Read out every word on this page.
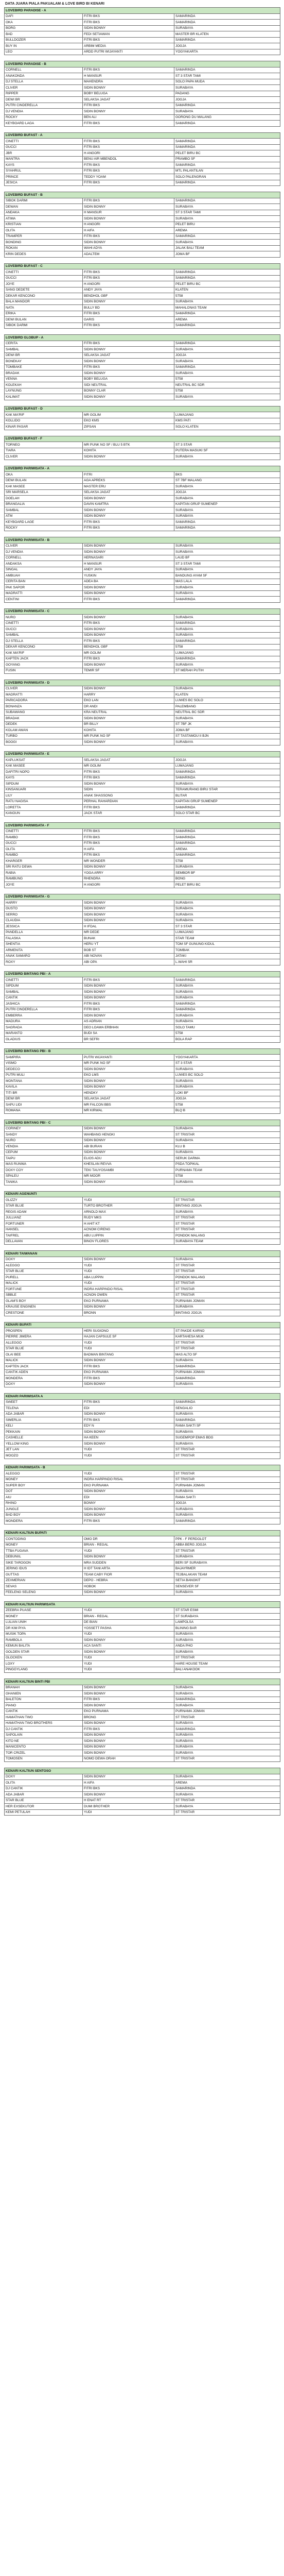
DATA JUARA PIALA PAKUALAM & LOVE BIRD BI KENARI
LOVEBIRD PARADISE - A		
DAFI	FITRI BKS	SAMARINDA
OKA	FITRI BKS	SAMARINDA
BORG	SIDIN BONNY	SURABAYA
BAD	FEDI SETIAWAN	MASTER BR KLATEN
BULLDOZER	FITRI BKS	SAMARINDA
BUY IN	ARBIM MEDIA	JOGJA
LEO	ARDD PUTRI WIJAYANTI	YOGYAKARTA
LOVEBIRD PARADISE - B		
CORNELL	FITRI BKS	SAMARINDA
ANAKONDA	H MANSUR	ST 3 STAR TAMI
DJ STELLA	MAHENDRA	SOLO PAPA MUDA
CLIVER	SIDIN BONNY	SURABAYA
RIPPER	BOBY BELUGA	PADANG
DEWI BR	SELAKSA JAGAT	JOGJA
PUTRI CINDERELLA	FITRI BKS	SAMARINDA
DJ VENDIA	SIDIN BONNY	SURABAYA
ROCKY	BEN ALI	GORONG DU MALANG
KEYBOARD LAGA	FITRI BKS	SAMARINDA
LOVEBIRD BUFAST - A		
CINETTI	FITRI BKS	SAMARINDA
GUCCI	FITRI BKS	SAMARINDA
JBR	H ANGORI	PELET BIRU BC
MANTRA	BENU AIR MBENDOL	PRAMBO SF
KAYS	FITRI BKS	SAMARINDA
SYAHRUL	FITRI BKS	MTL PALANTILAN
PRINCE	TEDDY YOAM	SOLO PALENGRAN
JESICA	FITRI BKS	SAMARINDA
LOVEBIRD BUFAST - B		
SIBOK DARMI	FITRI BKS	SAMARINDA
DEWAN	SIDIN BONNY	SURABAYA
ANDAKA	H MANSUR	ST 3 STAR TAMI
ATIMA	SIDIN BONNY	SURABAYA
KRISTIAN	H ANGORI	PELET BIRU
OLITA	H AIFA	AREMA
TRAMPER	FITRI BKS	SAMARINDA
BONDING	SIDIN BONNY	SURABAYA
ROKAN	WAHI ADYA	JALAK BALI TEAM
KRIN DEDES	ADALTEM	JOMA BF
LOVEBIRD BUFAST - C		
CINETTI	FITRI BKS	SAMARINDA
GUCCI	FITRI BKS	SAMARINDA
JOYE	H ANGORI	PELET BIRU BC
SANG DEDETE	ANDY JAYA	KLATEN
DEKAR KENCONO	BENDHOL GBF	5758
BALA MANDOR	SIDIN BONNY	SURABAYA
NATA	BULLY BD	MAHALONAS TEAM
ERIKA	FITRI BKS	SAMARINDA
DEWI BULAN	GARIS	AREMA
SIBOK DARMI	FITRI BKS	SAMARINDA
LOVEBIRD GLOBUP - A		
CERITA	FITRI BKS	SAMARINDA
SAMBAL	SIDIN BONNY	SURABAYA
DEWI BR	SELAKSA JAGAT	JOGJA
BONEKAY	SIDIN BONNY	SURABAYA
TOMBAKE	FITRI BKS	SAMARINDA
BRADAK	SIDIN BONNY	SURABAYA
VENNA	BOBY BELUGA	5758
KOLEKAH	SIDI NEUTRAL	NEUTRAL BC SDR
LAYNUNG	BONNY CLAR	5758
KALIMAT	SIDIN BONNY	SURABAYA
LOVEBIRD BUFAST - D		
KAK MA'RIF	MR GOLIM	LUMAJANG
KOLLIDO	EKO KMS	KMS PATI
KINAR PASAR	ZIPSAN	SOLO KLATEN
LOVEBIRD BUFAST - F		
TORNEO	MR PUNK NO SF / BLU 5 BTK	ST 3 STAR
TIARA	KOHITA	PUTERA MASUKI SF
CLIVER	SIDIN BONNY	SURABAYA
LOVEBIRD PARIWISATA - A		
OKA	FITRI	BKS
DEWI BULAN	AGA APREKS	ST 7BF MALANG
KAK MASEE	MASTER ERU	SURABAYA
SRI MARSELA	SELAKSA JAGAT	JOGJA
DOELAH	SIDIN BONNY	SURABAYA
BRANGALIA	DAVIN KAMTRA	KAPITAN GRUP SUMENEP
SAMBAL	SIDIN BONNY	SURABAYA
ATM	SIDIN BONNY	SURABAYA
KEYBOARD LAGE	FITRI BKS	SAMARINDA
ROCKY	FITRI BKS	SAMARINDA
LOVEBIRD PARIWISATA - B		
CLIVER	SIDIN BONNY	SURABAYA
DJ VENDIA	SIDIN BONNY	SURABAYA
CORNELL	HERNASARI	LAUD BF
ANDAKSA	H MANSUR	ST 3 STAR TAMI
SINGAL	ANDY JAYA	SURABAYA
AMBUAH	YUSKIN	BANDUNG AYAM SF
CERITA BAN	ADEA BA	MAS LALA
PAK SAPOR	SIDIN BONNY	SURABAYA
MADRATTI	SIDIN BONNY	SURABAYA
CENTINI	FITRI BKS	SAMARINDA
LOVEBIRD PARIWISATA - C		
NURO	SIDIN BONNY	SURABAYA
CINETTI	FITRI BKS	SAMARINDA
GUCCI	SIDIN BONNY	SURABAYA
SAMBAL	SIDIN BONNY	SURABAYA
DJ STELLA	FITRI BKS	SAMARINDA
DEKAR KENCONO	BENDHOL GBF	5758
KAK MA'RIF	MR GOLIM	LUMAJANG
KAPTEN JACK	FITRI BKS	SAMARINDA
GOYANG	SIDIN BONNY	SURABAYA
FUSIN	TEMIR SF	ST MERAH PUTIH
LOVEBIRD PARIWISATA - D		
CLIVER	SIDIN BONNY	SURABAYA
MADRATTI	HARRY	KLATEN
PARICADORA	EKO LAN	LUWES BC SOLO
BONANZA	DR ANDI	PALEMBANG
SUBAWANG	KRA NEUTRAL	NEUTRAL BC SDR
BRADAK	SIDIN BONNY	SURABAYA
DEDEK	BR BILLY	ST 7BF JK
KOLAM AWAN	KOHITA	JOMA BF
TURBO	MR PUNK NO SF	ST TASTAMOU II BJN
BOOGI	SIDIN BONNY	SURABAYA
LOVEBIRD PARIWISATA - E		
KAPLUKSAT	SELAKSA JAGAT	JOGJA
KAK MASEE	MR GOLIM	LUMAJANG
DAFITRI NOPO	FITRI BKS	SAMARINDA
KAYS	FITRI BKS	SAMARINDA
SIPDUM	SIDIN BONNY	SURABAYA
KINSANUARI	SIDIN	TERAMURANG BIRU STAR
LILY	ANAK SHASSONG	BLITAR
RATU NAGISA	PERHAL RAHARDIAN	KAPITAN GRUP SUMENEP
LORETTA	FITRI BKS	SAMARINDA
KANOUN	JACK STAR	SOLO STAR BC
LOVEBIRD PARIWISATA - F		
CINETTI	FITRI BKS	SAMARINDA
RAMBO	FITRI BKS	SAMARINDA
GUCCI	FITRI BKS	SAMARINDA
OLITA	H AIFA	AREMA
RAMBO	FITRI BKS	SAMARINDA
KHARGER	MR WONDER	5758
SRI RATU DEWA	SIDIN BONNY	SURABAYA
RABIA	YOGA ARRY	SEMBOR BF
RAMBUNG	RHENDRA	BONG
JOYE	H ANGORI	PELET BIRU BC
LOVEBIRD PARIWISATA - G		
HARRY	SIDIN BONNY	SURABAYA
GUSTO	SIDIN BONNY	SURABAYA
SERRO	SIDIN BONNY	SURABAYA
CLAUDIA	SIDIN BONNY	SURABAYA
JESSICA	H IFDAL	ST 3 STAR
PANDELLA	MR DEDE	LUMAJANG
FALASKA	BUNAK	STAR TEAM
SHENTIA	HERU YT	TOM SF GUNUNG KIDUL
ARMENITA	BOB ST	TOMBAK
ANAK SAMARO	ABI NOVAN	JATAKI
ROXY	ABI OPA	L.WAHI SR
LOVEBIRD BINTANG PBI - A		
CINETTI	FITRI BKS	SAMARINDA
SIPDUM	SIDIN BONNY	SURABAYA
SAMBAL	SIDIN BONNY	SURABAYA
CANTIK	SIDIN BONNY	SURABAYA
JASHICA	FITRI BKS	SAMARINDA
PUTRI CINDERELLA	FITRI BKS	SAMARINDA
EMBERRA	SIDIN BONNY	SURABAYA
MADURA	AS ADRIAN	SURABAYA
SAGRADA	DEO LOAWA ERBHAN	SOLO TAMU
MARANTO	BUDI SA	5758
GLADIUS	BR SEFRI	BOLA RAP
LOVEBIRD BINTANG PBI - B		
SAMPIRA	PUTRI WIJAYANTI	YOGYAKARTA
VISMO	MR PUNK NO SF	ST 3 STAR
DEDECO	SIDIN BONNY	SURABAYA
PUTRI MULI	EKO LMS	LUWES BC SOLO
MONTANA	SIDIN BONNY	SURABAYA
KAVILA	SIDIN BONNY	SURABAYA
TITI BR	HENDKY	LOKI BF
DEWI BR	SELAKSA JAGAT	JOGJA
SAPU LIDI	MR FALCON BBS	5758
ROMANA	MR KIRWAL	BLQ B
LOVEBIRD BINTANG PBI - C		
CORINEY	SIDIN BONNY	SURABAYA
SANDY	WAHBANG HENGKI	ST TRISTAR
NURO	SIDIN BONNY	SURABAYA
VENDIA	ABI BURAN	KLU B
CEPUM	SIDIN BONNY	SURABAYA
TAIPU	ELIOS ADU	SERUK DARMA
MAS RUNWA	KHESLAN REVVA	PSDA TOPIKAL
DOXY COY	TEKI TAUYOSAMBI	PURNAMA TEAM
SPALEU	MR MOOR	5758
TANIKA	SIDIN BONNY	SURABAYA
KENARI AGENUNTI		
GLIZZY	YUDI	ST TRISTAR
STAR BLUE	TURTO BROTHER	BINTANG JOGJA
REGIS ADAM	ARNOLD MAX	SURABAYA
JULLIANZ	RUDY MKS	ST TRISTAR
FORTUNER	H AHIT KT	ST TRISTAR
HANSEL	ACNOM CIRENG	ST TRISTAR
TAIFREL	ABU LUPPIN	PONDOK MALANG
DELLAVAN	BINOV FLORES	SURABAYA TEAM
KENARI TAIWANAN		
DOXY	SIDIN BONNY	SURABAYA
ALEGGO	YUDI	ST TRISTAR
STAR BLUE	YUDI	ST TRISTAR
PURELL	ABA LUPPIN	PONDOK MALANG
MALICK	YUDI	ST TRISTAR
FORTUNE	INDRA HARPINDO RISAL	ST TRISTAR
SBBLE	ACNON OWEN	ST TRISTAR
GLAM'S BOY	EKO PURNAMA	PURNAMA JOMAN
KRAUSE ENGINEN	SIDIN BONNY	SURABAYA
CRESTONE	BRONN	BINTANG JOGJA
KENARI BUPATI		
PROSPEN	HERI SUGIONO	ST PAKDE KARNO
PIERRE JIMERA	HAJAN CAPSULE SF	KARTAHESA MUK
ALLEGGO	YUDI	ST TRISTAR
STAR BLUE	YUDI	ST TRISTAR
OLAI BEE	BADMAN BINTANG	MAS ALTO SF
MALICK	SIDIN BONNY	SURABAYA
KAPTEN JACK	FITRI BKS	SAMARINDA
CANTIK ADEN	EKO PURNAMA	PURNAMA JOMAN
MONDERA	FITRI BKS	SAMARINDA
DOXY	SIDIN BONNY	SURABAYA
KENARI PARIWISATA A		
SWEET	FITRI BKS	SAMARINDA
TELENA	EDI	SENGALIO
ADA JABAR	SIDIN BONNY	SURABAYA
SIMERLIA	FITRI BKS	SAMARINDA
KELI	EDY N	RAMA SAKTI SF
PEKKAIN	SIDIN BONNY	SURABAYA
CASHELLE	HA KEEN	SUGEMPOP EMAS BDG
YELLOW KING	SIDIN BONNY	SURABAYA
JET LAN	YUDI	ST TRISTAR
MOOZO	YUDI	ST TRISTAR
KENARI PARIWISATA - B		
ALEGGO	YUDI	ST TRISTAR
MONEY	INDRA HARPINDO RISAL	ST TRISTAR
SUPER BOY	EKO PURNAMA	PURNAMA JOMAN
DOT	SIDIN BONNY	SURABAYA
AIU	EDI	RAMA SAKTI
RHINO	BONNY	JOGJA
JUNGLE	SIDIN BONNY	SURABAYA
BAD BOY	SIDIN BONNY	SURABAYA
MONDERA	FITRI BKS	SAMARINDA
KENARI KALTIUN BUPATI		
CONTODING	OMO DR	PPK - F PERDOLOT
MONEY	BRIAN - REGAL	ABBA BERG JOGJA
TTBA FUGAVA	YUDI	ST TRISTAR
DEBUNIIL	SIDIN BONNY	SURABAYA
SIKE TAROGON	MRA SUDDEN	BERI SF SURABAYA
JERING IDUS	H IDT TANI ARTA	BAJAYRMER
GUTTAS	TEAM CABY FIOR	TEJBALAKAN TEAM
ZEXMERIAN	DEPO - HEBRA	SETIA BANGKIT
SEVAS	HOBOK	SENSEVER SF
FEELENG SELENG	SIDIN BONNY	SURABAYA
KENARI KALTIUN PARIWISATA		
ZEEBRA PUASE	YUDI	ST STAR ESMI
MONEY	BRIAN - REGAL	ST SURABAYA
LULIAN UNIH	DE BIAN	LAMPOLSA
DR KIM PIYA	YOSSETT PASHA	BLINING BAR
MUSIK TOPA	YUDI	SURABAYA
RAMBOLA	SIDIN BONNY	SURABAYA
KEMUN BALITA	ACA SANTI	ANDA PHO
GOLDEN STAR	SIDIN BONNY	SURABAYA
GLOCKEN	YUDI	ST TRISTAR
LOXY	YUDI	HARE HOUSE TEAM
PINGGYLANG	YUDI	BALI ANAKOOK
KENARI KALTIUN BINTI PBI		
BRANAH	SIDIN BONNY	SURABAYA
GHANIEN	SIDIN BONNY	SURABAYA
BALETON	FITRI BKS	SAMARINDA
PIANO	SIDIN BONNY	SURABAYA
CANTIK	EKO PURNAMA	PURNAMA JOMAN
HAMATHAN TWO	BRONG	ST TRISTAR
HAMATHAN TWO BROTHERS	SIDIN BONNY	SURABAYA
DJ CANTIK	FITRI BKS	SAMARINDA
SAPOLAIN	SIDIN BONNY	SURABAYA
KITO NE	SIDIN BONNY	SURABAYA
MANICENTO	SIDIN BONNY	SURABAYA
TOR CRIZEL	SIDIN BONNY	SURABAYA
TOMOSEN	NOMO DEWA ORAH	ST TRISTAR
KENARI KALTIUN SENTOSO		
DOXY	SIDIN BONNY	SURABAYA
OLITA	H AIFA	AREMA
DJ CANTIK	FITRI BKS	SAMARINDA
ADA JABAR	SIDIN BONNY	SURABAYA
STAR BLUE	H ENAT RT	ST TRISTAR
HER EXSEKUTOR	DUMI BROTHER	SURABAYA
KEMI PETULAH	YUDI	ST TRISTAR
